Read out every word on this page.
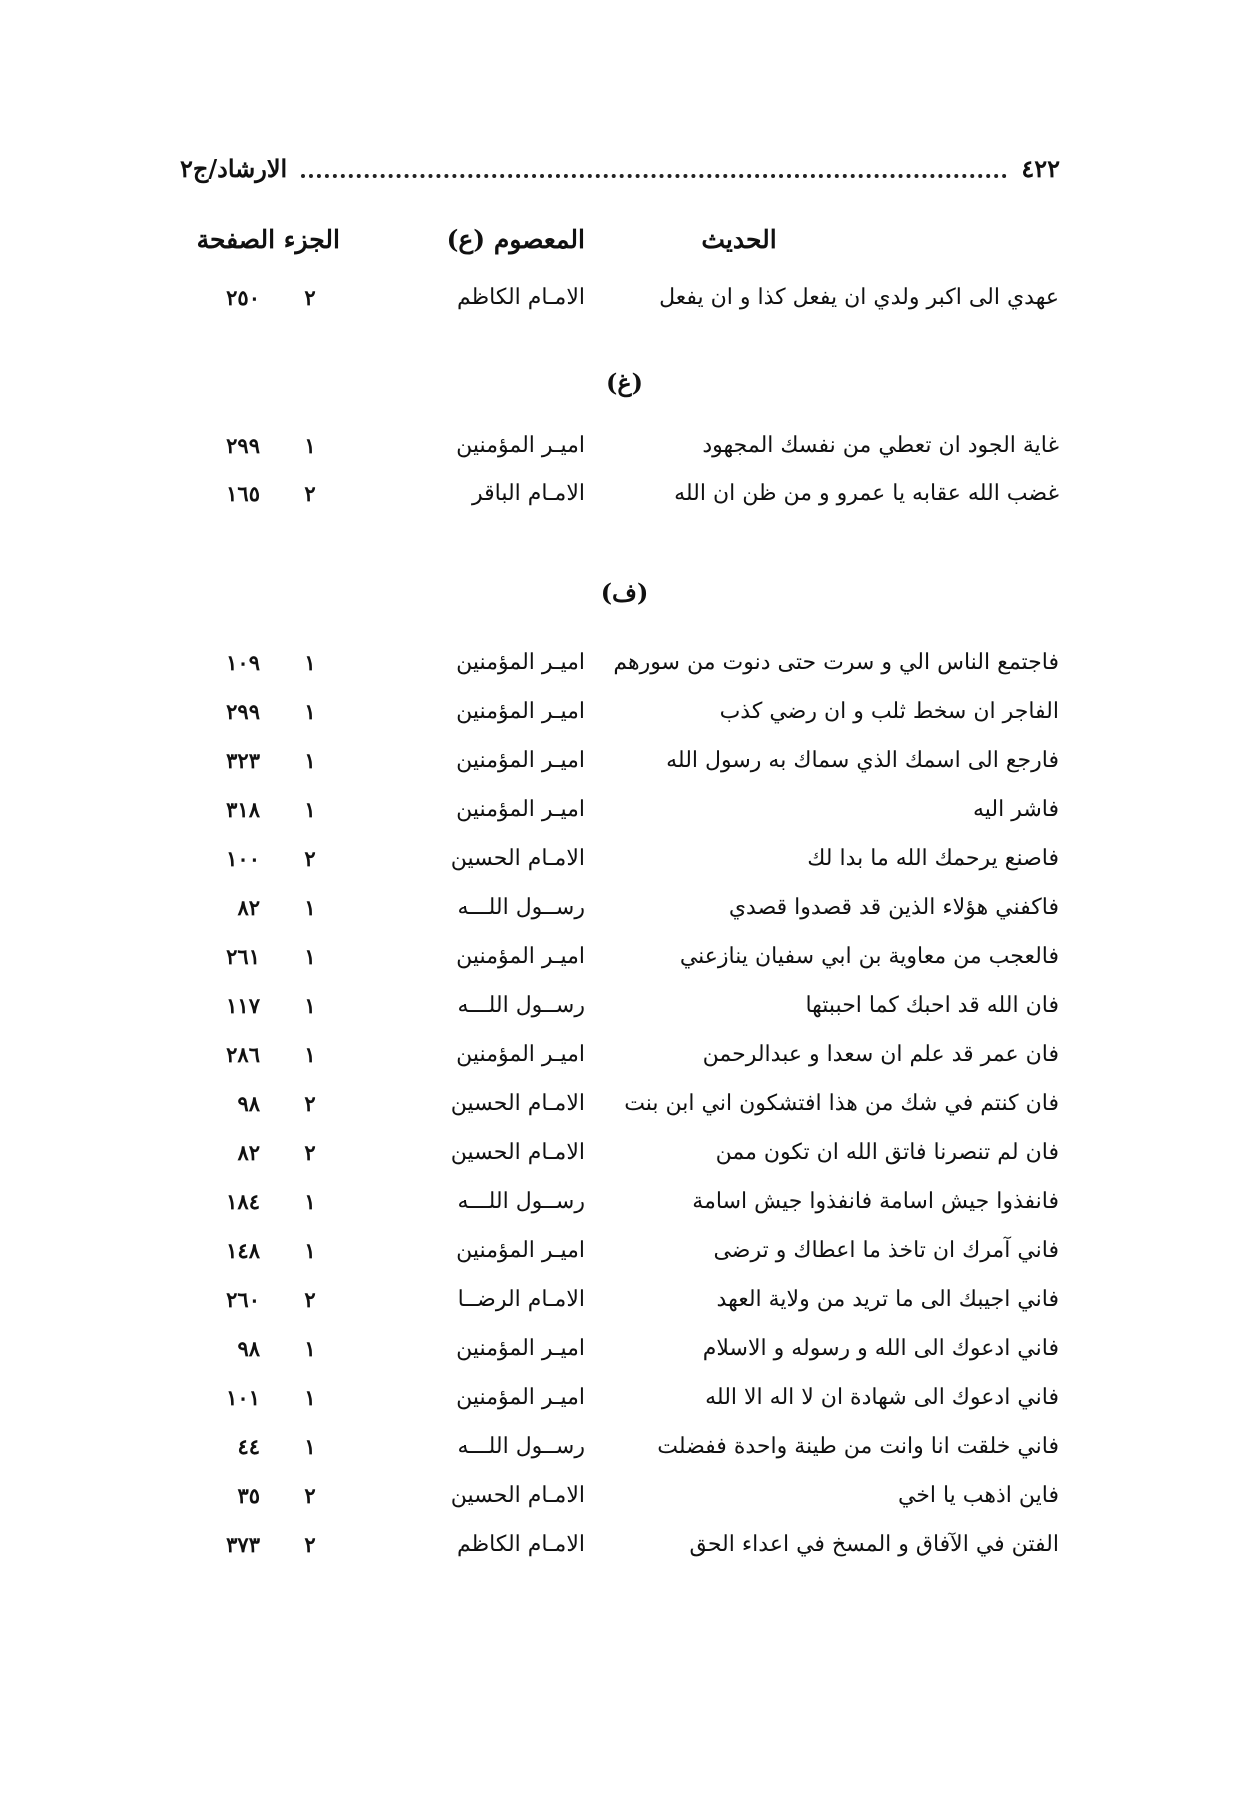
٤٢٢
الارشاد/ج٢
الحديث
المعصوم (ع)
الجزء الصفحة
عهدي الى اكبر ولدي ان يفعل كذا و ان يفعل
الامـام الكاظم
٢
٢٥٠
(غ)
غاية الجود ان تعطي من نفسك المجهود
اميـر المؤمنين
١
٢٩٩
غضب الله عقابه يا عمرو و من ظن ان الله
الامـام الباقر
٢
١٦٥
(ف)
فاجتمع الناس الي و سرت حتى دنوت من سورهم
اميـر المؤمنين
١
١٠٩
الفاجر ان سخط ثلب و ان رضي كذب
اميـر المؤمنين
١
٢٩٩
فارجع الى اسمك الذي سماك به رسول الله
اميـر المؤمنين
١
٣٢٣
فاشر اليه
اميـر المؤمنين
١
٣١٨
فاصنع يرحمك الله ما بدا لك
الامـام الحسين
٢
١٠٠
فاكفني هؤلاء الذين قد قصدوا قصدي
رســول اللـــه
١
٨٢
فالعجب من معاوية بن ابي سفيان ينازعني
اميـر المؤمنين
١
٢٦١
فان الله قد احبك كما احببتها
رســول اللـــه
١
١١٧
فان عمر قد علم ان سعدا و عبدالرحمن
اميـر المؤمنين
١
٢٨٦
فان كنتم في شك من هذا افتشكون اني ابن بنت
الامـام الحسين
٢
٩٨
فان لم تنصرنا فاتق الله ان تكون ممن
الامـام الحسين
٢
٨٢
فانفذوا جيش اسامة فانفذوا جيش اسامة
رســول اللـــه
١
١٨٤
فاني آمرك ان تاخذ ما اعطاك و ترضى
اميـر المؤمنين
١
١٤٨
فاني اجيبك الى ما تريد من ولاية العهد
الامـام الرضــا
٢
٢٦٠
فاني ادعوك الى الله و رسوله و الاسلام
اميـر المؤمنين
١
٩٨
فاني ادعوك الى شهادة ان لا اله الا الله
اميـر المؤمنين
١
١٠١
فاني خلقت انا وانت من طينة واحدة ففضلت
رســول اللـــه
١
٤٤
فاين اذهب يا اخي
الامـام الحسين
٢
٣٥
الفتن في الآفاق و المسخ في اعداء الحق
الامـام الكاظم
٢
٣٧٣
